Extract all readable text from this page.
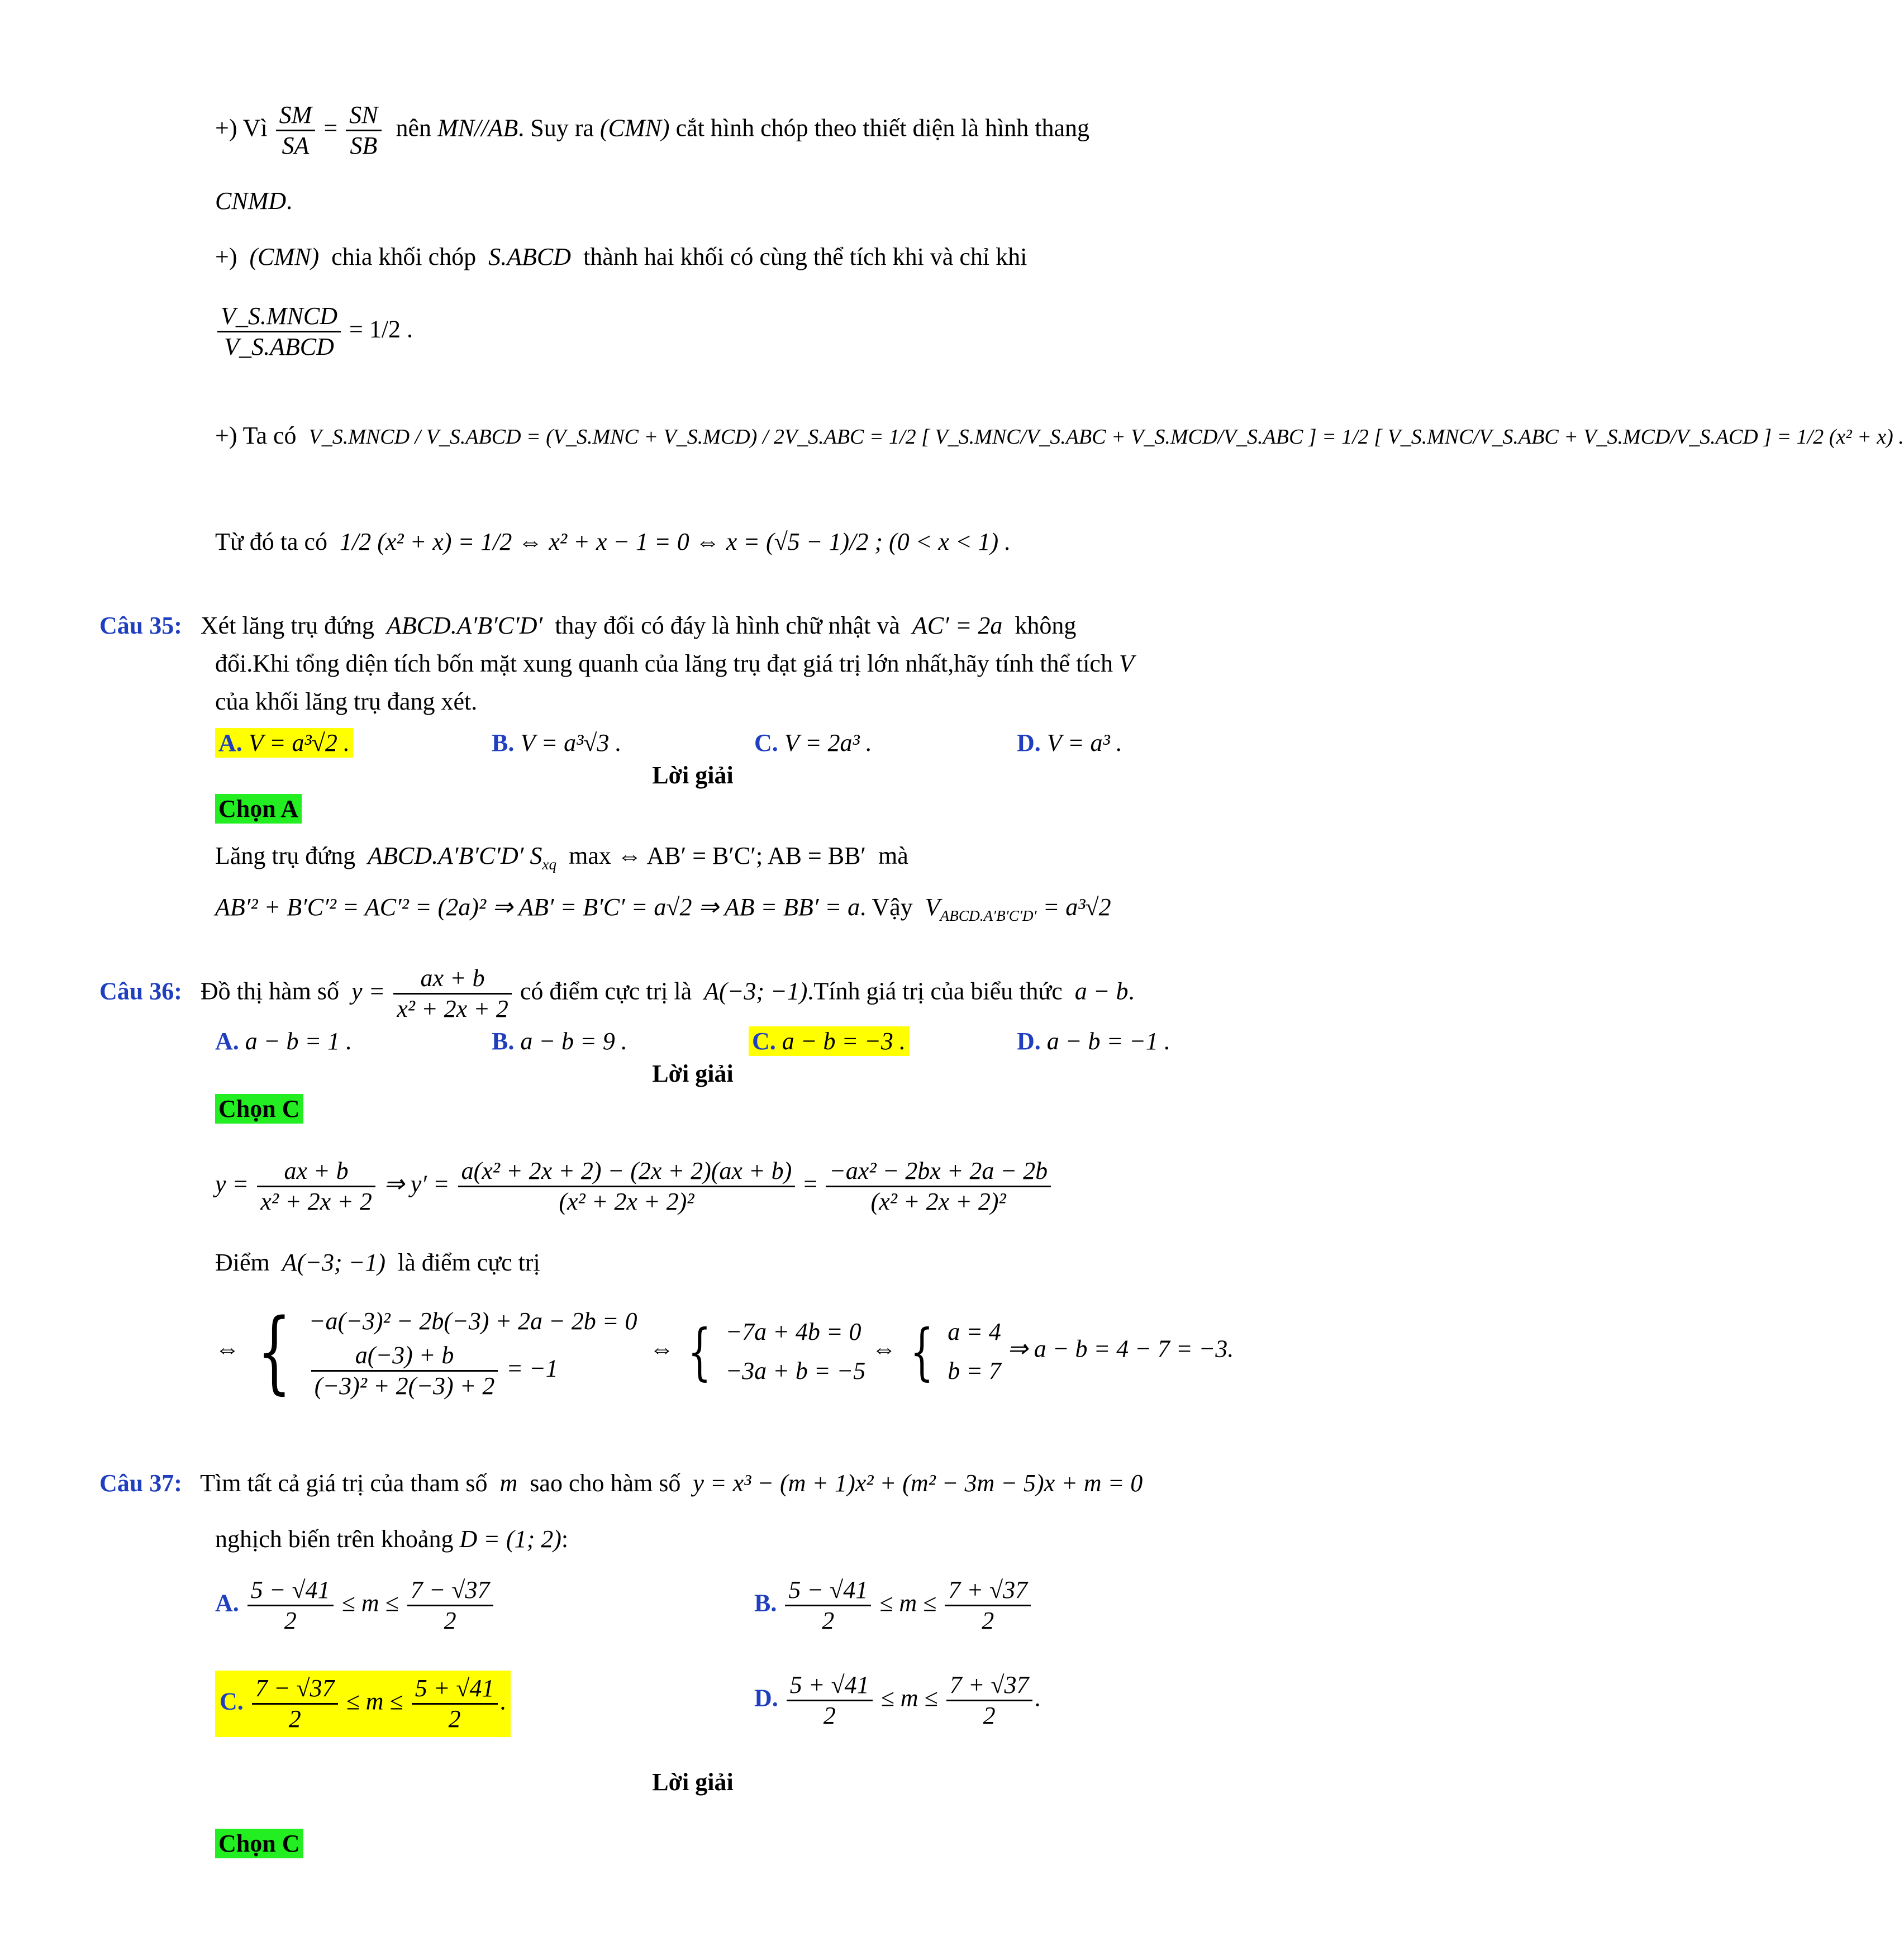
+) Vì $\frac{SM}{SA} = \frac{SN}{SB}$ nên MN//AB. Suy ra (CMN) cắt hình chóp theo thiết diện là hình thang
CNMD.
+) (CMN) chia khối chóp S.ABCD thành hai khối có cùng thể tích khi và chỉ khi
$\frac{\text{V\_S.MNCD}}{\text{V\_S.ABCD}} = 1/2$ .
+) Ta có V_S.MNCD / V_S.ABCD = (V_S.MNC + V_S.MCD) / 2V_S.ABC = 1/2 [ V_S.MNC/V_S.ABC + V_S.MCD/V_S.ABC ] = 1/2 [ V_S.MNC/V_S.ABC + V_S.MCD/V_S.ACD ] = 1/2 (x² + x) .
Từ đó ta có 1/2 (x² + x) = 1/2 ⇔ x² + x − 1 = 0 ⇔ x = (√5 − 1)/2 ; (0 < x < 1) .
Câu 35: Xét lăng trụ đứng ABCD.A′B′C′D′ thay đổi có đáy là hình chữ nhật và AC′ = 2a không
đổi.Khi tổng diện tích bốn mặt xung quanh của lăng trụ đạt giá trị lớn nhất,hãy tính thể tích V
của khối lăng trụ đang xét.
A. V = a³√2 .	B. V = a³√3 .	C. V = 2a³ .	D. V = a³ .
Lời giải
Chọn A
Lăng trụ đứng ABCD.A′B′C′D′ $S_{xq}$ max ⇔ AB′ = B′C′; AB = BB′ mà
AB′² + B′C′² = AC′² = (2a)² ⇒ AB′ = B′C′ = a√2 ⇒ AB = BB′ = a. Vậy $V_{ABCD.A'B'C'D'} = a^3√2$
Câu 36: Đồ thị hàm số $y = \frac{ax + b}{\text{x² + 2x + 2}}$ có điểm cực trị là A(−3; −1).Tính giá trị của biểu thức a − b.
A. a − b = 1 .	B. a − b = 9 .	C. a − b = −3 .	D. a − b = −1 .
Lời giải
Chọn C
$y = \frac{ax + b}{\text{x² + 2x + 2}}$ ⇒ $y' = \frac{\text{a(x² + 2x + 2) − (2x + 2)(ax + b)}}{\text{(x² + 2x + 2)²}} = \frac{\text{−ax² − 2bx + 2a − 2b}}{\text{(x² + 2x + 2)²}}$
Điểm A(−3; −1) là điểm cực trị
⇔ { −a(−3)² − 2b(−3) + 2a − 2b = 0
$\frac{a(-3) + b}{\text{(−3)² + 2(−3) + 2}} = -1$
⇔ { −7a + 4b = 0
−3a + b = −5
⇔ { a = 4
b = 7
⇒ a − b = 4 − 7 = −3.
Câu 37: Tìm tất cả giá trị của tham số m sao cho hàm số y = x³ − (m + 1)x² + (m² − 3m − 5)x + m = 0
nghịch biến trên khoảng D = (1; 2):
A. $\frac{5 - √41}{2} \le m \le \frac{7 - √37}{2}$	B. $\frac{5 - √41}{2} \le m \le \frac{7 + √37}{2}$
C. $\frac{7 - √37}{2} \le m \le \frac{5 + √41}{2}$ .	D. $\frac{5 + √41}{2} \le m \le \frac{7 + √37}{2}$ .
Lời giải
Chọn C
